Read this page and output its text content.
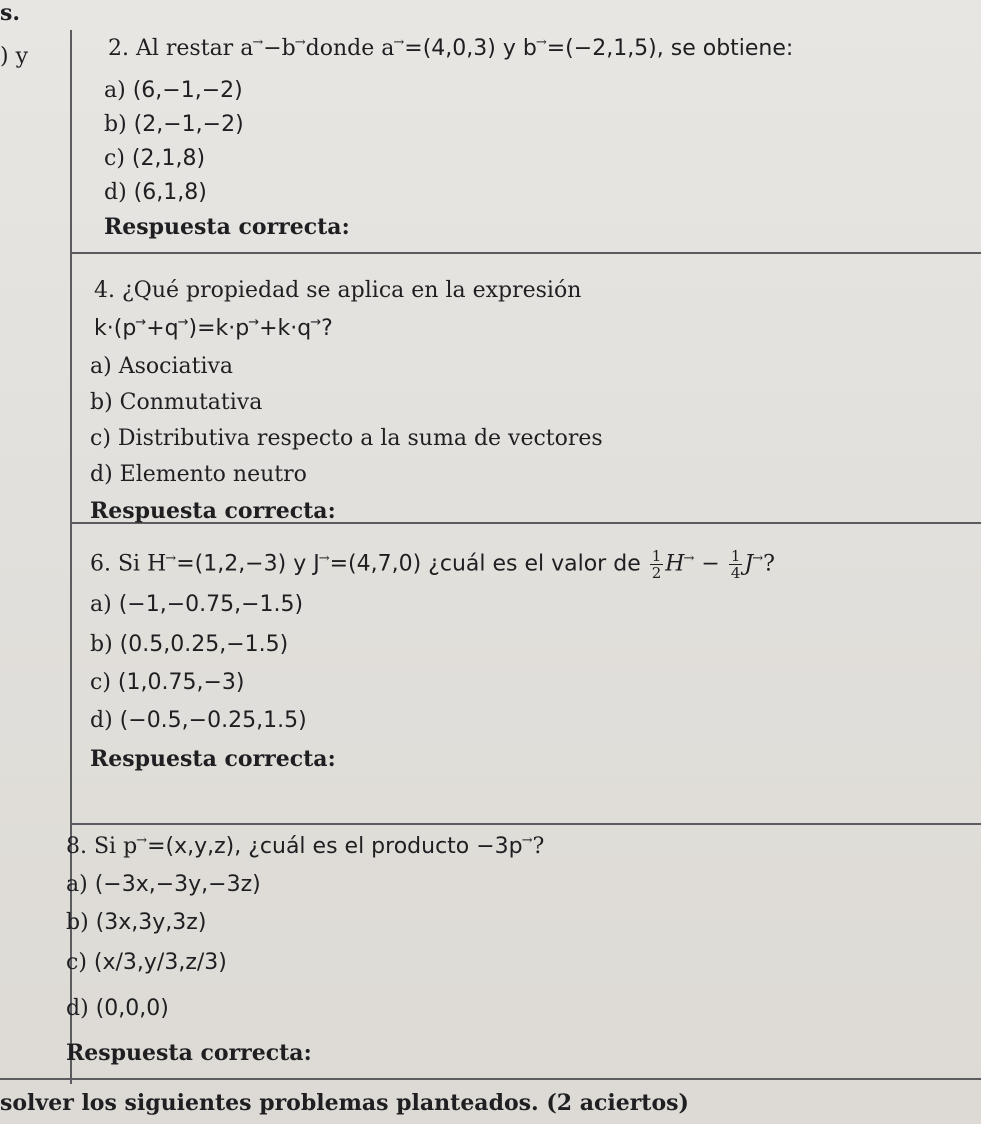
s.
) y	2. Al restar a→−b→donde a→=(4,0,3) y b→=(−2,1,5), se obtiene:
a) (6,−1,−2)
b) (2,−1,−2)
c) (2,1,8)
d) (6,1,8)
Respuesta correcta:
4. ¿Qué propiedad se aplica en la expresión
k·(p→+q→)=k·p→+k·q→?
a) Asociativa
b) Conmutativa
c) Distributiva respecto a la suma de vectores
d) Elemento neutro
Respuesta correcta:
6. Si H→=(1,2,−3) y J→=(4,7,0) ¿cuál es el valor de $\frac{1}{2} H^\to - \frac{1}{4} J^\to$?
a) (−1,−0.75,−1.5)
b) (0.5,0.25,−1.5)
c) (1,0.75,−3)
d) (−0.5,−0.25,1.5)
Respuesta correcta:
8. Si p→=(x,y,z), ¿cuál es el producto −3p→?
a) (−3x,−3y,−3z)
b) (3x,3y,3z)
c) (x/3,y/3,z/3)
d) (0,0,0)
Respuesta correcta:
solver los siguientes problemas planteados. (2 aciertos)
